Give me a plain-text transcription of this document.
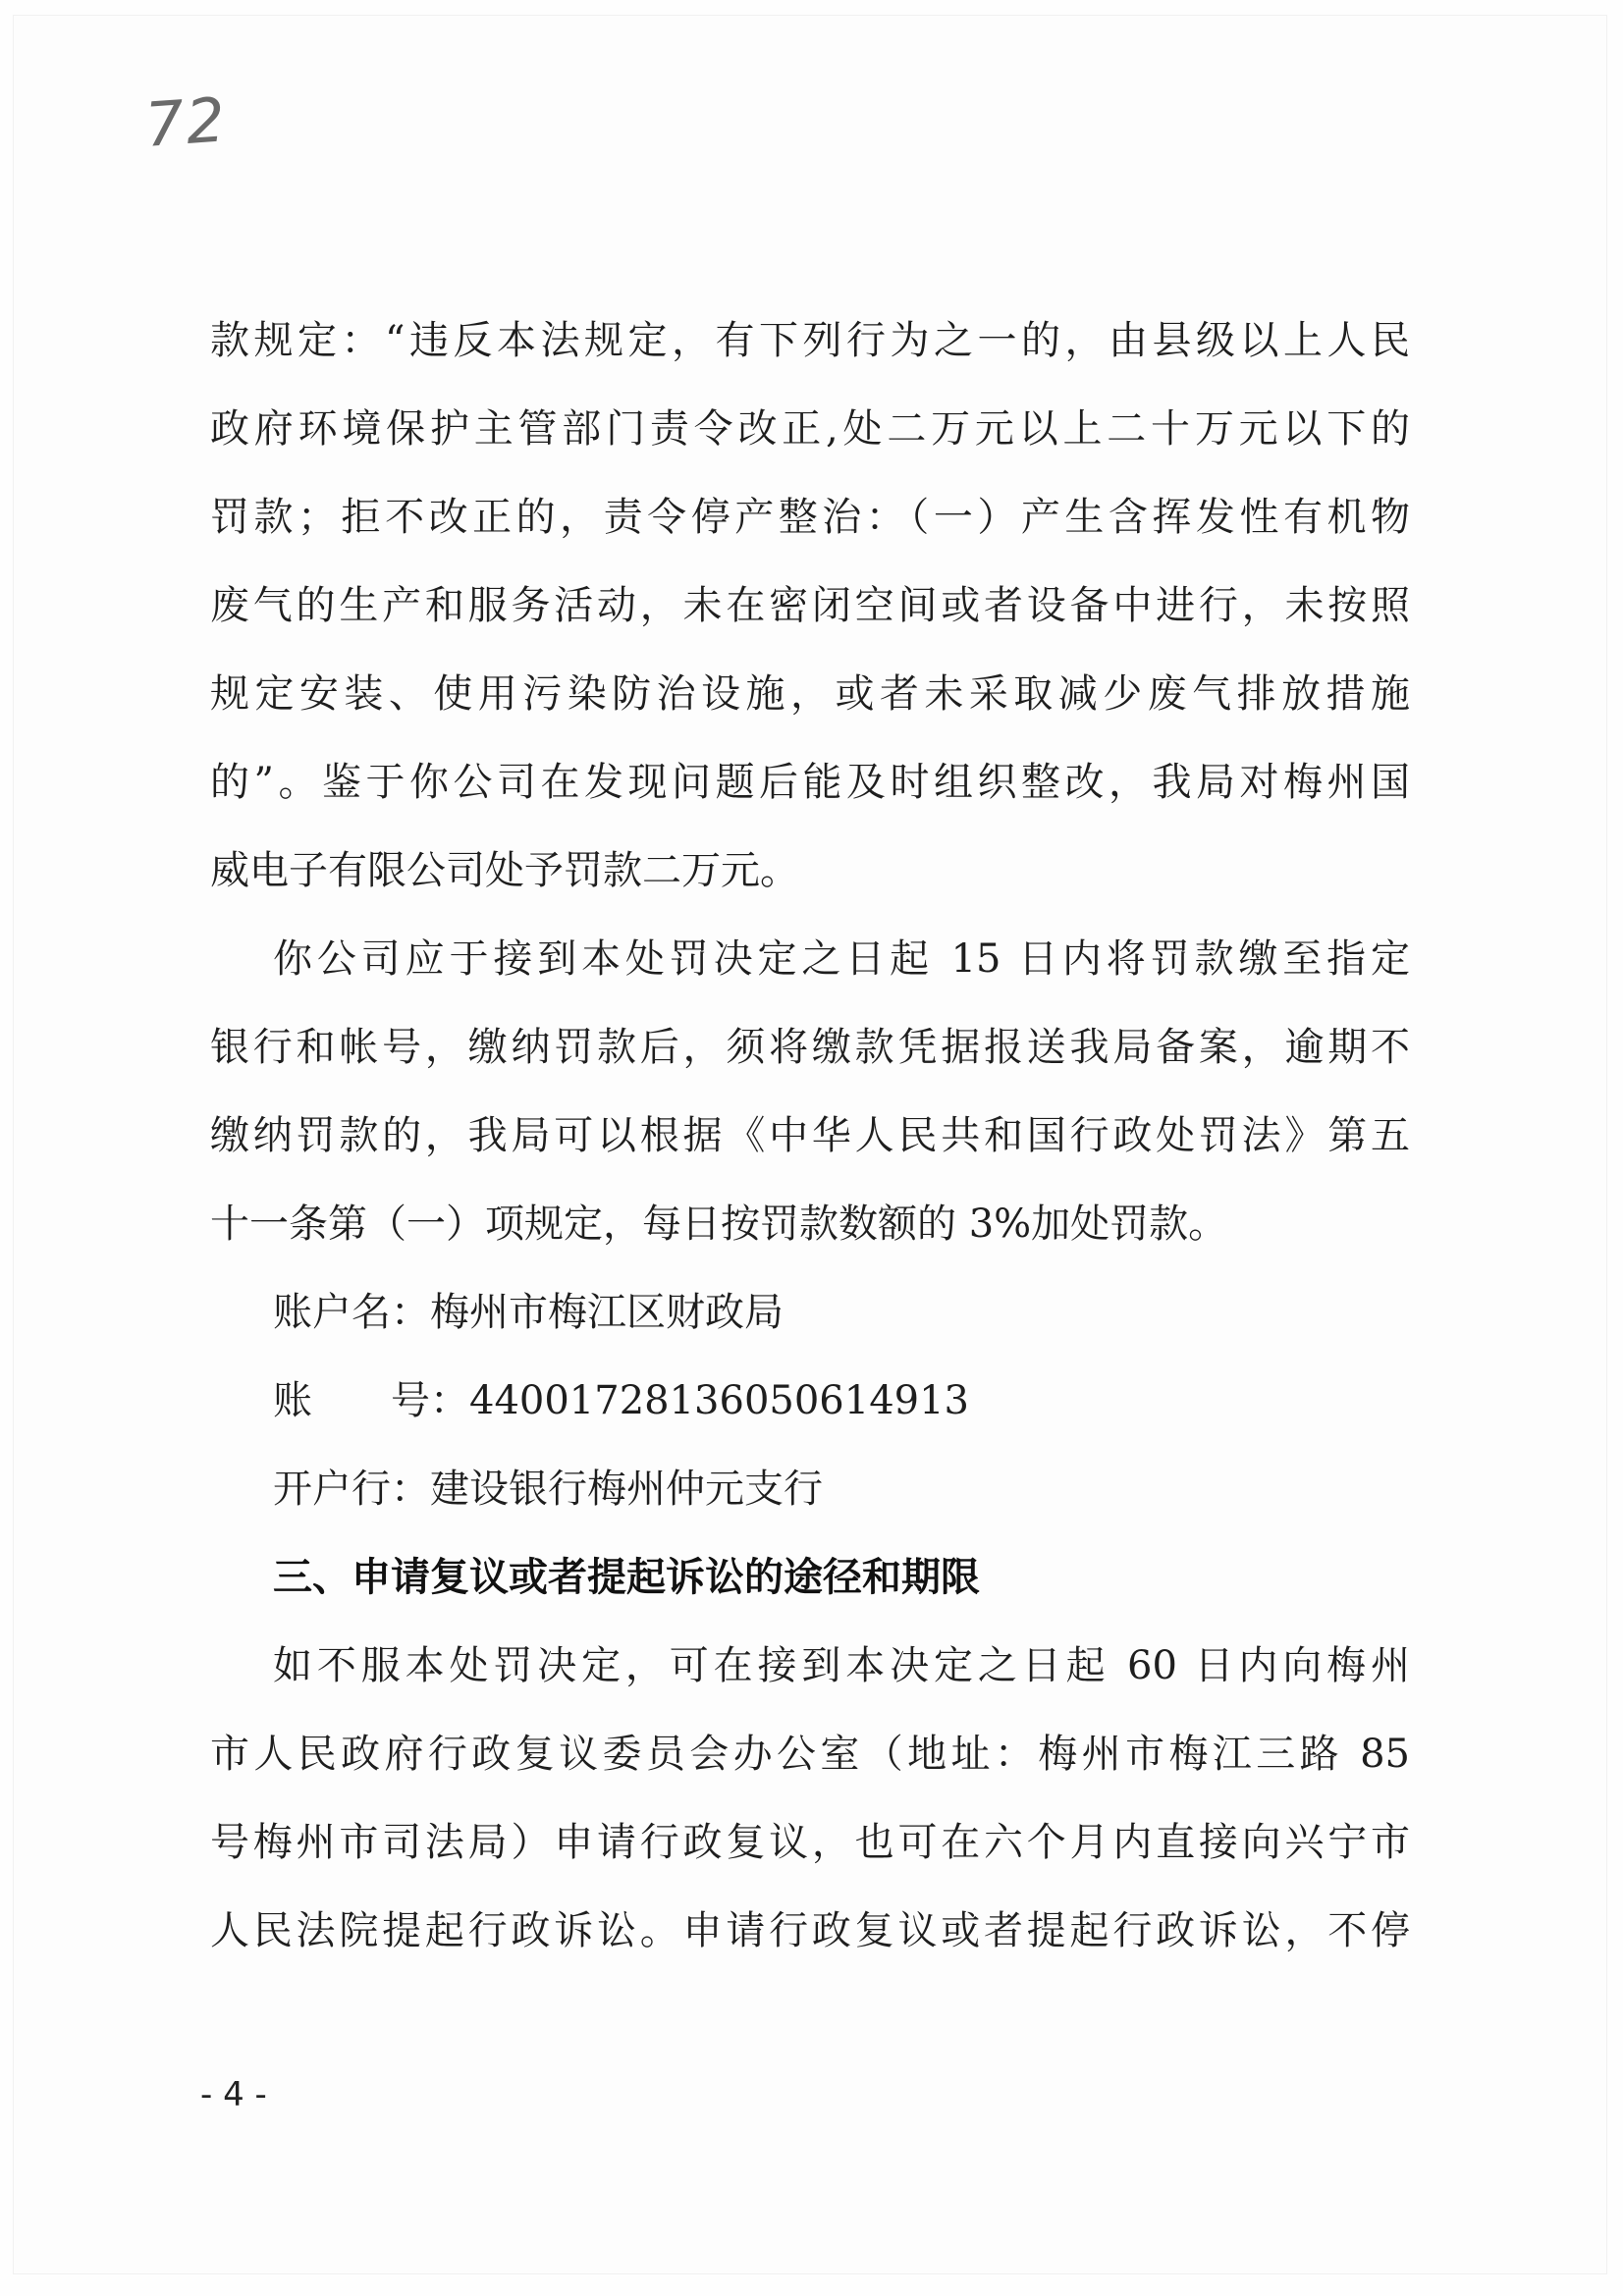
72
款规定：“违反本法规定，有下列行为之一的，由县级以上人民
政府环境保护主管部门责令改正,处二万元以上二十万元以下的
罚款；拒不改正的，责令停产整治：（一）产生含挥发性有机物
废气的生产和服务活动，未在密闭空间或者设备中进行，未按照
规定安装、使用污染防治设施，或者未采取减少废气排放措施
的”。鉴于你公司在发现问题后能及时组织整改，我局对梅州国
威电子有限公司处予罚款二万元。
你公司应于接到本处罚决定之日起 15 日内将罚款缴至指定
银行和帐号，缴纳罚款后，须将缴款凭据报送我局备案，逾期不
缴纳罚款的，我局可以根据《中华人民共和国行政处罚法》第五
十一条第（一）项规定，每日按罚款数额的 3%加处罚款。
账户名：梅州市梅江区财政局
账　　号：44001728136050614913
开户行：建设银行梅州仲元支行
三、申请复议或者提起诉讼的途径和期限
如不服本处罚决定，可在接到本决定之日起 60 日内向梅州
市人民政府行政复议委员会办公室（地址：梅州市梅江三路 85
号梅州市司法局）申请行政复议，也可在六个月内直接向兴宁市
人民法院提起行政诉讼。申请行政复议或者提起行政诉讼，不停
- 4 -
